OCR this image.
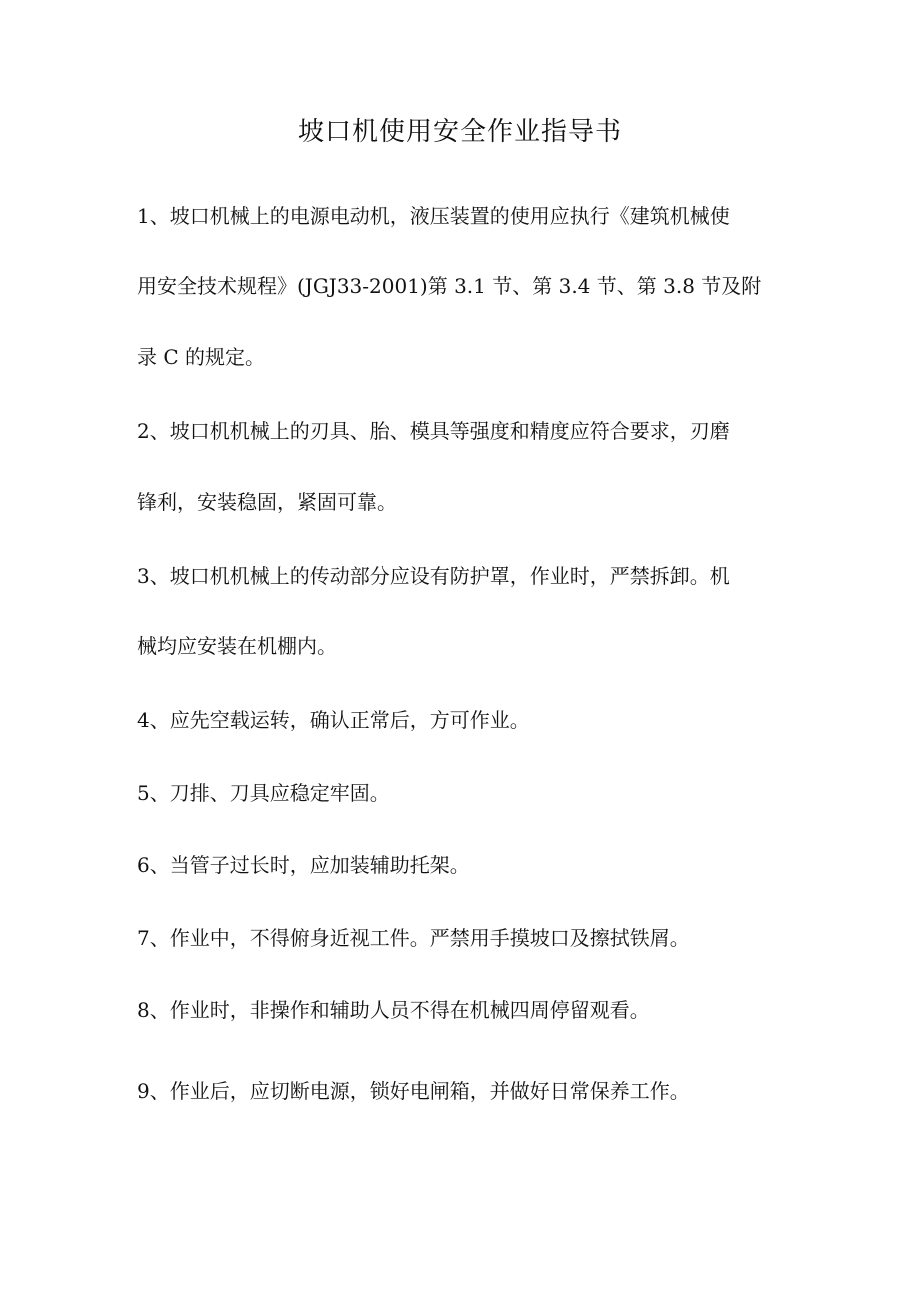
坡口机使用安全作业指导书

1、坡口机械上的电源电动机，液压装置的使用应执行《建筑机械使

用安全技术规程》(JGJ33-2001)第 3.1 节、第 3.4 节、第 3.8 节及附

录 C 的规定。

2、坡口机机械上的刃具、胎、模具等强度和精度应符合要求，刃磨

锋利，安装稳固，紧固可靠。

3、坡口机机械上的传动部分应设有防护罩，作业时，严禁拆卸。机

械均应安装在机棚内。

4、应先空载运转，确认正常后，方可作业。

5、刀排、刀具应稳定牢固。

6、当管子过长时，应加装辅助托架。

7、作业中，不得俯身近视工件。严禁用手摸坡口及擦拭铁屑。

8、作业时，非操作和辅助人员不得在机械四周停留观看。

9、作业后，应切断电源，锁好电闸箱，并做好日常保养工作。
